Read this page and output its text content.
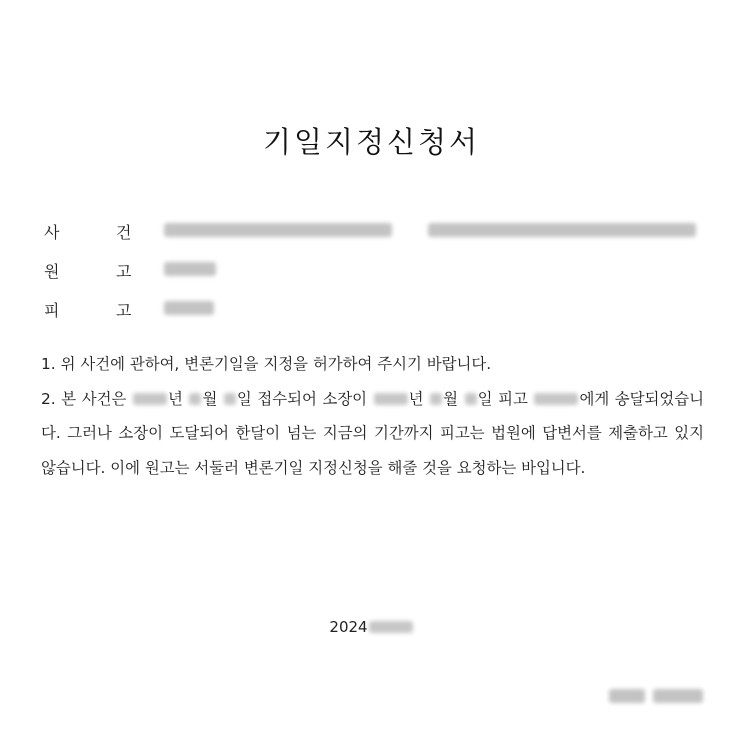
기일지정신청서
사	건
원	고
피	고

1. 위 사건에 관하여, 변론기일을 지정을 허가하여 주시기 바랍니다.

2. 본 사건은	년 월 일 접수되어 소장이	년 월 일 피고	에게 송달되었습니다. 그러나 소장이 도달되어 한달이 넘는 지금의 기간까지 피고는 법원에 답변서를 제출하고 있지 않습니다. 이에 원고는 서둘러 변론기일 지정신청을 해줄 것을 요청하는 바입니다.

2024
